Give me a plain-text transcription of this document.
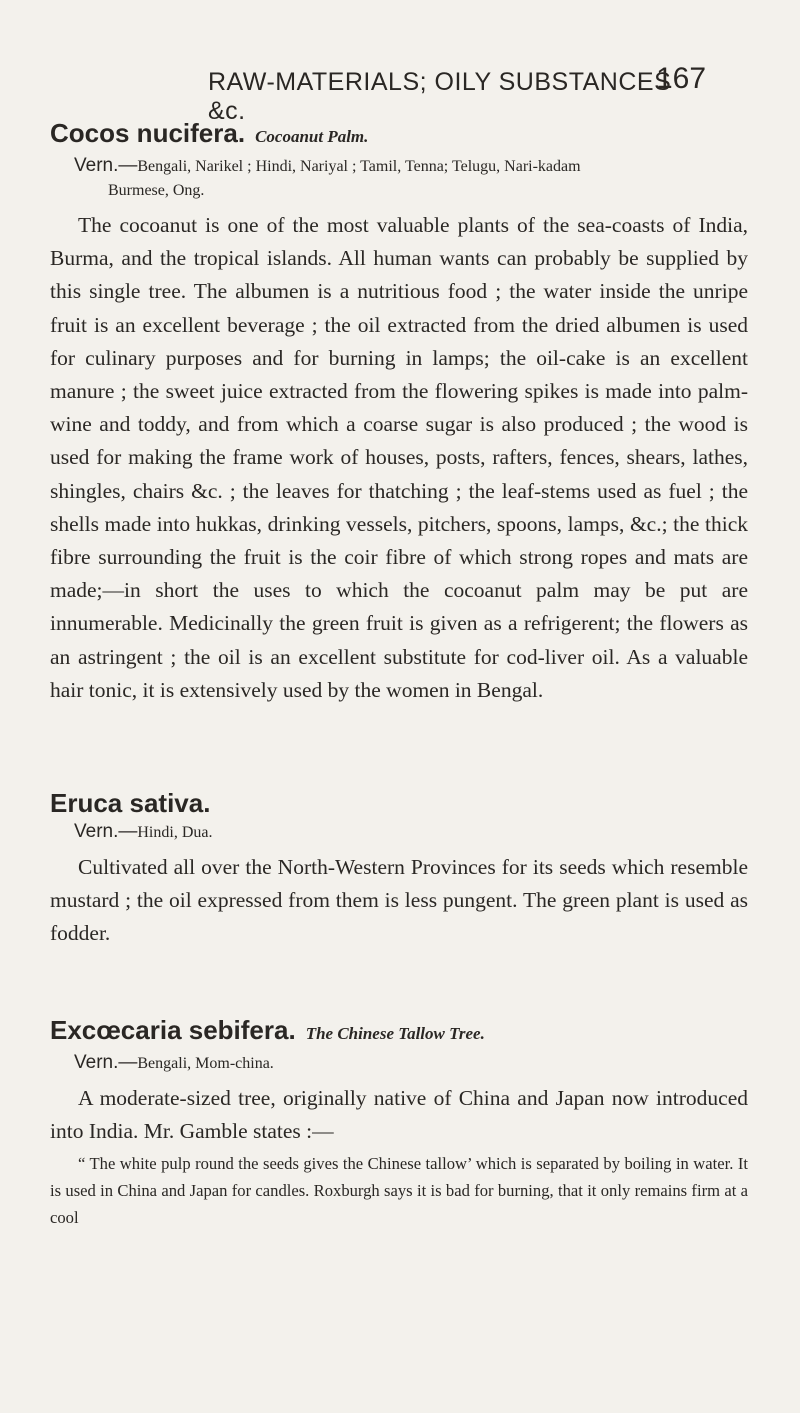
RAW-MATERIALS; OILY SUBSTANCES &c.
167
Cocos nucifera. Cocoanut Palm.
Vern.—Bengali, Narikel ; Hindi, Nariyal ; Tamil, Tenna; Telugu, Nari-kadam
Burmese, Ong.

The cocoanut is one of the most valuable plants of the sea-coasts of India, Burma, and the tropical islands. All human wants can probably be supplied by this single tree. The albumen is a nutritious food ; the water inside the unripe fruit is an excellent beverage ; the oil extracted from the dried albumen is used for culinary purposes and for burning in lamps; the oil-cake is an excellent manure ; the sweet juice extracted from the flowering spikes is made into palm-wine and toddy, and from which a coarse sugar is also produced ; the wood is used for making the frame work of houses, posts, rafters, fences, shears, lathes, shingles, chairs &c. ; the leaves for thatching ; the leaf-stems used as fuel ; the shells made into hukkas, drinking vessels, pitchers, spoons, lamps, &c.; the thick fibre surrounding the fruit is the coir fibre of which strong ropes and mats are made;—in short the uses to which the cocoanut palm may be put are innumerable. Medicinally the green fruit is given as a refrigerent; the flowers as an astringent ; the oil is an excellent substitute for cod-liver oil. As a valuable hair tonic, it is extensively used by the women in Bengal.

Eruca sativa.
Vern.—Hindi, Dua.

Cultivated all over the North-Western Provinces for its seeds which resemble mustard ; the oil expressed from them is less pungent. The green plant is used as fodder.

Excœcaria sebifera. The Chinese Tallow Tree.
Vern.—Bengali, Mom-china.

A moderate-sized tree, originally native of China and Japan now introduced into India. Mr. Gamble states :—

“ The white pulp round the seeds gives the Chinese tallow’ which is separated by boiling in water. It is used in China and Japan for candles. Roxburgh says it is bad for burning, that it only remains firm at a cool
